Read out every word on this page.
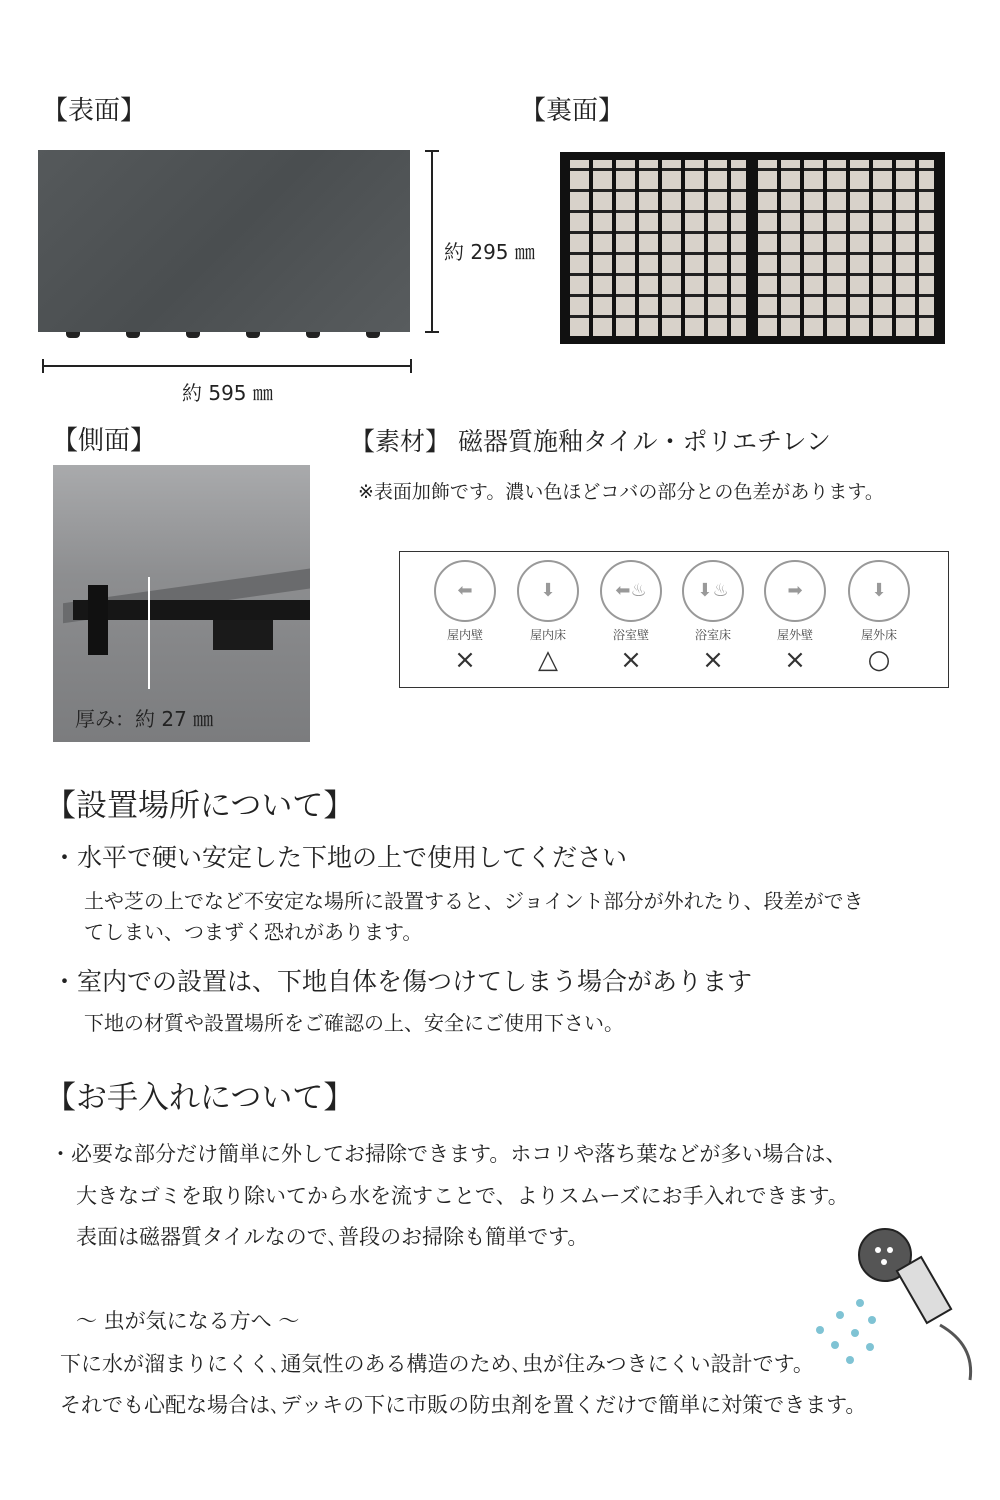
【表面】	【裏面】
約 295 ㎜
約 595 ㎜
【側面】
厚み：約 27 ㎜
【素材】 磁器質施釉タイル・ポリエチレン
※表面加飾です。濃い色ほどコバの部分との色差があります。
⬅
屋内壁
×
⬇
屋内床
△
⬅♨
浴室壁
×
⬇♨
浴室床
×
➡
屋外壁
×
⬇
屋外床
○
【設置場所について】
・水平で硬い安定した下地の上で使用してください
土や芝の上でなど不安定な場所に設置すると、ジョイント部分が外れたり、段差ができ
てしまい、つまずく恐れがあります。
・室内での設置は、下地自体を傷つけてしまう場合があります
下地の材質や設置場所をご確認の上、安全にご使用下さい。
【お手入れについて】
・必要な部分だけ簡単に外してお掃除できます。ホコリや落ち葉などが多い場合は、
大きなゴミを取り除いてから水を流すことで、よりスムーズにお手入れできます。
表面は磁器質タイルなので､普段のお掃除も簡単です。
～ 虫が気になる方へ ～
下に水が溜まりにくく､通気性のある構造のため､虫が住みつきにくい設計です。
それでも心配な場合は､デッキの下に市販の防虫剤を置くだけで簡単に対策できます。
